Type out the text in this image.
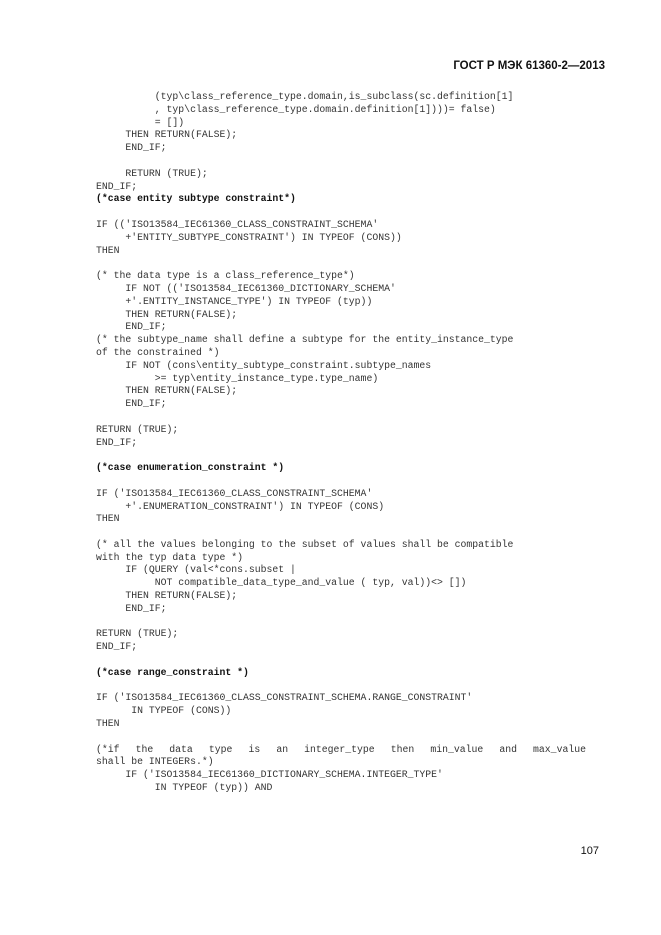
ГОСТ Р МЭК 61360-2—2013
(typ\class_reference_type.domain,is_subclass(sc.definition[1]
, typ\class_reference_type.domain.definition[1])))= false)
= [])
THEN RETURN(FALSE);
END_IF;
RETURN (TRUE);
END_IF;
(*case entity subtype constraint*)
IF (('ISO13584_IEC61360_CLASS_CONSTRAINT_SCHEMA'
+'ENTITY_SUBTYPE_CONSTRAINT') IN TYPEOF (CONS))
THEN
(* the data type is a class_reference_type*)
IF NOT (('ISO13584_IEC61360_DICTIONARY_SCHEMA'
+'.ENTITY_INSTANCE_TYPE') IN TYPEOF (typ))
THEN RETURN(FALSE);
END_IF;
(* the subtype_name shall define a subtype for the entity_instance_type
of the constrained *)
IF NOT (cons\entity_subtype_constraint.subtype_names
>= typ\entity_instance_type.type_name)
THEN RETURN(FALSE);
END_IF;
RETURN (TRUE);
END_IF;
(*case enumeration_constraint *)
IF ('ISO13584_IEC61360_CLASS_CONSTRAINT_SCHEMA'
+'.ENUMERATION_CONSTRAINT') IN TYPEOF (CONS)
THEN
(* all the values belonging to the subset of values shall be compatible
with the typ data type *)
IF (QUERY (val<*cons.subset |
NOT compatible_data_type_and_value ( typ, val))<> [])
THEN RETURN(FALSE);
END_IF;
RETURN (TRUE);
END_IF;
(*case range_constraint *)
IF ('ISO13584_IEC61360_CLASS_CONSTRAINT_SCHEMA.RANGE_CONSTRAINT'
IN TYPEOF (CONS))
THEN
(*if the data type is an integer_type then min_value and max_value
shall be INTEGERs.*)
IF ('ISO13584_IEC61360_DICTIONARY_SCHEMA.INTEGER_TYPE'
IN TYPEOF (typ)) AND
107
